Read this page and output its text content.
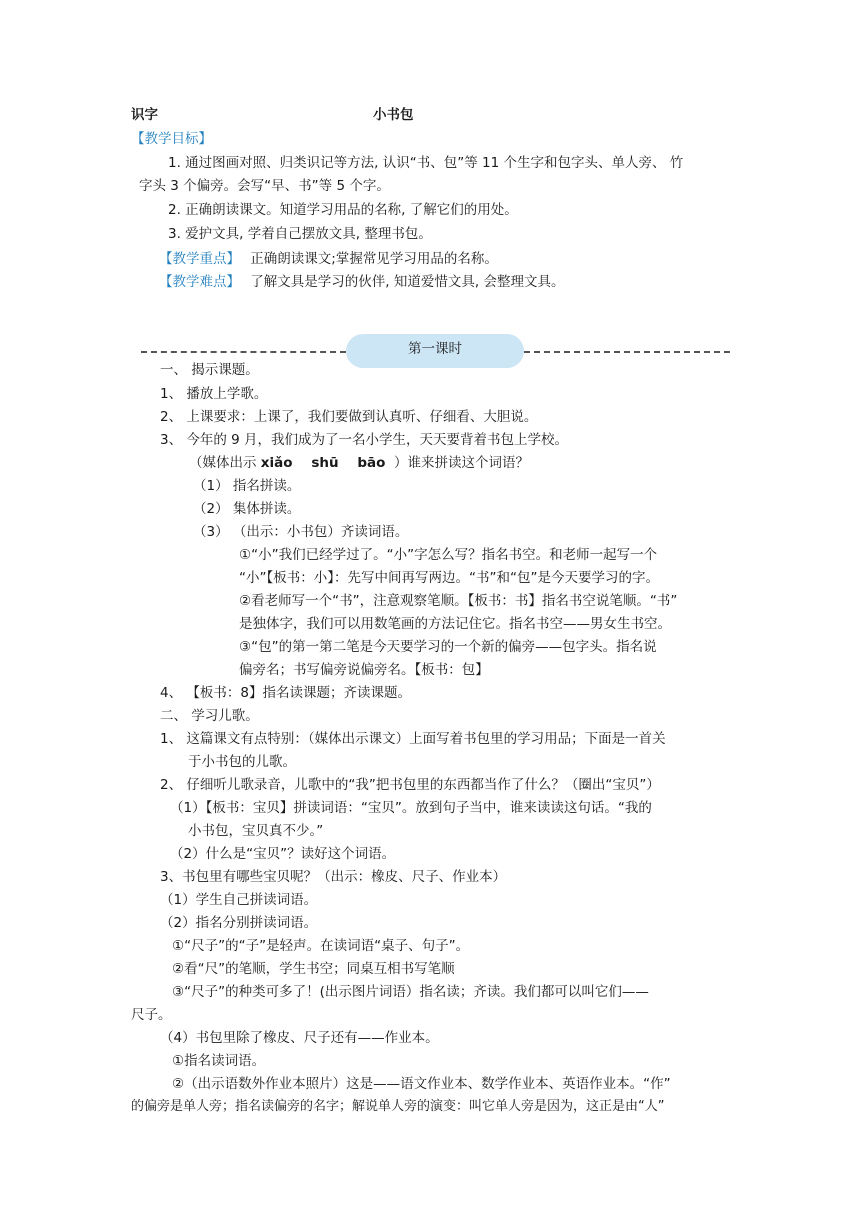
识字	小书包
【教学目标】
1. 通过图画对照、归类识记等方法, 认识“书、包”等 11 个生字和包字头、单人旁、 竹
字头 3 个偏旁。会写“早、书”等 5 个字。
2. 正确朗读课文。知道学习用品的名称, 了解它们的用处。
3. 爱护文具, 学着自己摆放文具, 整理书包。
【教学重点】 正确朗读课文;掌握常见学习用品的名称。
【教学难点】 了解文具是学习的伙伴, 知道爱惜文具, 会整理文具。
第一课时
一、 揭示课题。
1、 播放上学歌。
2、 上课要求：上课了，我们要做到认真听、仔细看、大胆说。
3、 今年的 9 月，我们成为了一名小学生，天天要背着书包上学校。
（媒体出示 xiǎo    shū    bāo  ）谁来拼读这个词语？
（1） 指名拼读。
（2） 集体拼读。
（3） （出示：小书包）齐读词语。
①“小”我们已经学过了。“小”字怎么写？指名书空。和老师一起写一个
“小”【板书：小】：先写中间再写两边。“书”和“包”是今天要学习的字。
②看老师写一个“书”，注意观察笔顺。【板书：书】指名书空说笔顺。“书”
是独体字，我们可以用数笔画的方法记住它。指名书空——男女生书空。
③“包”的第一第二笔是今天要学习的一个新的偏旁——包字头。指名说
偏旁名；书写偏旁说偏旁名。【板书：包】
4、 【板书：8】指名读课题；齐读课题。
二、 学习儿歌。
1、 这篇课文有点特别：（媒体出示课文）上面写着书包里的学习用品；下面是一首关
于小书包的儿歌。
2、 仔细听儿歌录音，儿歌中的“我”把书包里的东西都当作了什么？（圈出“宝贝”）
（1）【板书：宝贝】拼读词语：“宝贝”。放到句子当中，谁来读读这句话。“我的
小书包，宝贝真不少。”
（2）什么是“宝贝”？读好这个词语。
3、书包里有哪些宝贝呢？（出示：橡皮、尺子、作业本）
（1）学生自己拼读词语。
（2）指名分别拼读词语。
①“尺子”的“子”是轻声。在读词语“桌子、句子”。
②看“尺”的笔顺，学生书空；同桌互相书写笔顺
③“尺子”的种类可多了！(出示图片词语）指名读；齐读。我们都可以叫它们——
尺子。
（4）书包里除了橡皮、尺子还有——作业本。
①指名读词语。
②（出示语数外作业本照片）这是——语文作业本、数学作业本、英语作业本。“作”
的偏旁是单人旁；指名读偏旁的名字；解说单人旁的演变：叫它单人旁是因为，这正是由“人”
